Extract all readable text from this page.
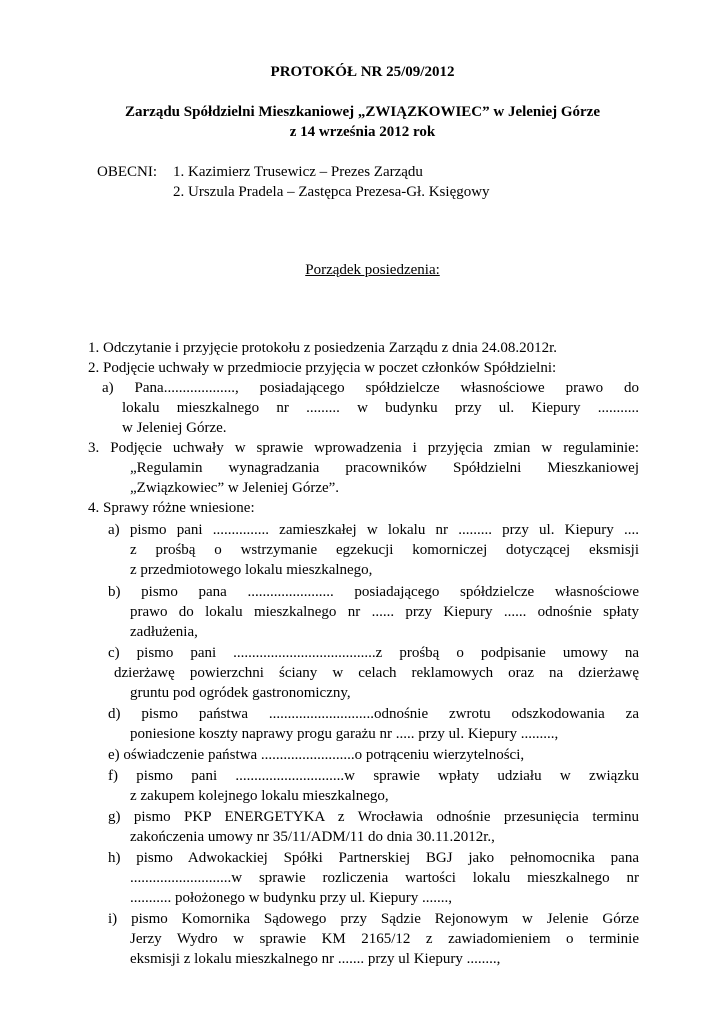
PROTOKÓŁ NR 25/09/2012
Zarządu Spółdzielni Mieszkaniowej „ZWIĄZKOWIEC” w Jeleniej Górze
z 14 września 2012 rok
OBECNI: 1. Kazimierz Trusewicz – Prezes Zarządu
2. Urszula Pradela – Zastępca Prezesa-Gł. Księgowy
Porządek posiedzenia:
1. Odczytanie i przyjęcie protokołu z posiedzenia Zarządu z dnia 24.08.2012r.
2. Podjęcie uchwały w przedmiocie przyjęcia w poczet członków Spółdzielni:
a) Pana..................., posiadającego spółdzielcze własnościowe prawo do
lokalu mieszkalnego nr ......... w budynku przy ul. Kiepury ...........
w Jeleniej Górze.
3. Podjęcie uchwały w sprawie wprowadzenia i przyjęcia zmian w regulaminie:
„Regulamin wynagradzania pracowników Spółdzielni Mieszkaniowej
„Związkowiec” w Jeleniej Górze”.
4. Sprawy różne wniesione:
a) pismo pani ............... zamieszkałej w lokalu nr ......... przy ul. Kiepury ....
z prośbą o wstrzymanie egzekucji komorniczej dotyczącej eksmisji
z przedmiotowego lokalu mieszkalnego,
b) pismo pana ....................... posiadającego spółdzielcze własnościowe
prawo do lokalu mieszkalnego nr ...... przy Kiepury ...... odnośnie spłaty
zadłużenia,
c) pismo pani ......................................z prośbą o podpisanie umowy na
dzierżawę powierzchni ściany w celach reklamowych oraz na dzierżawę
gruntu pod ogródek gastronomiczny,
d) pismo państwa ............................odnośnie zwrotu odszkodowania za
poniesione koszty naprawy progu garażu nr ..... przy ul. Kiepury .........,
e) oświadczenie państwa .........................o potrąceniu wierzytelności,
f) pismo pani .............................w sprawie wpłaty udziału w związku
z zakupem kolejnego lokalu mieszkalnego,
g) pismo PKP ENERGETYKA z Wrocławia odnośnie przesunięcia terminu
zakończenia umowy nr 35/11/ADM/11 do dnia 30.11.2012r.,
h) pismo Adwokackiej Spółki Partnerskiej BGJ jako pełnomocnika pana
...........................w sprawie rozliczenia wartości lokalu mieszkalnego nr
........... położonego w budynku przy ul. Kiepury .......,
i) pismo Komornika Sądowego przy Sądzie Rejonowym w Jelenie Górze
Jerzy Wydro w sprawie KM 2165/12 z zawiadomieniem o terminie
eksmisji z lokalu mieszkalnego nr ....... przy ul Kiepury ........,
